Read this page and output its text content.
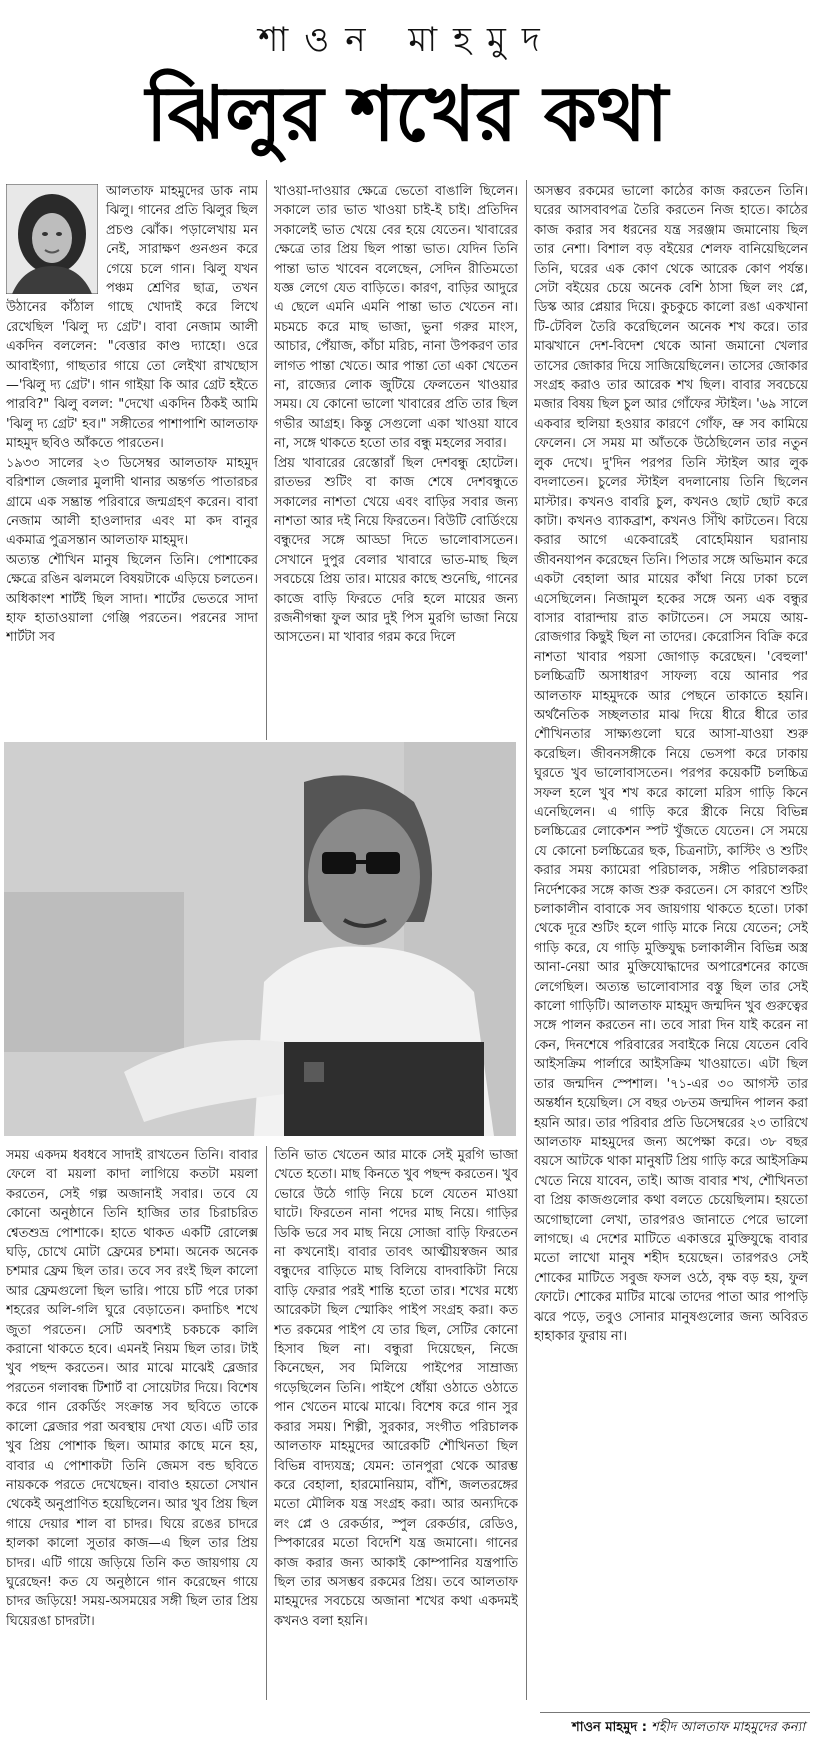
শাওন মাহমুদ
ঝিলুর শখের কথা

আলতাফ মাহমুদের ডাক নাম ঝিলু। গানের প্রতি ঝিলুর ছিল প্রচণ্ড ঝোঁক। পড়ালেখায় মন নেই, সারাক্ষণ গুনগুন করে গেয়ে চলে গান। ঝিলু যখন পঞ্চম শ্রেণির ছাত্র, তখন উঠানের কাঁঠাল গাছে খোদাই করে লিখে রেখেছিল 'ঝিলু দ্য গ্রেট'। বাবা নেজাম আলী একদিন বললেন: "বেত্তার কাণ্ড দ্যাহো। ওরে আবাইগ্যা, গাছতার গায়ে তো লেইখা রাখছোস—'ঝিলু দ্য গ্রেট'। গান গাইয়া কি আর গ্রেট হইতে পারবি?" ঝিলু বলল: "দেখো একদিন ঠিকই আমি 'ঝিলু দ্য গ্রেট' হব।" সঙ্গীতের পাশাপাশি আলতাফ মাহমুদ ছবিও আঁকতে পারতেন।

১৯৩৩ সালের ২৩ ডিসেম্বর আলতাফ মাহমুদ বরিশাল জেলার মুলাদী থানার অন্তর্গত পাতারচর গ্রামে এক সম্ভ্রান্ত পরিবারে জন্মগ্রহণ করেন। বাবা নেজাম আলী হাওলাদার এবং মা কদ বানুর একমাত্র পুত্রসন্তান আলতাফ মাহমুদ।

অত্যন্ত শৌখিন মানুষ ছিলেন তিনি। পোশাকের ক্ষেত্রে রঙিন ঝলমলে বিষয়টাকে এড়িয়ে চলতেন। অধিকাংশ শার্টই ছিল সাদা। শার্টের ভেতরে সাদা হাফ হাতাওয়ালা গেঞ্জি পরতেন। পরনের সাদা শার্টটা সব

খাওয়া-দাওয়ার ক্ষেত্রে ভেতো বাঙালি ছিলেন। সকালে তার ভাত খাওয়া চাই-ই চাই। প্রতিদিন সকালেই ভাত খেয়ে বের হয়ে যেতেন। খাবারের ক্ষেত্রে তার প্রিয় ছিল পান্তা ভাত। যেদিন তিনি পান্তা ভাত খাবেন বলেছেন, সেদিন রীতিমতো যজ্ঞ লেগে যেত বাড়িতে। কারণ, বাড়ির আদুরে এ ছেলে এমনি এমনি পান্তা ভাত খেতেন না। মচমচে করে মাছ ভাজা, ভুনা গরুর মাংস, আচার, পেঁয়াজ, কাঁচা মরিচ, নানা উপকরণ তার লাগত পান্তা খেতে। আর পান্তা তো একা খেতেন না, রাজ্যের লোক জুটিয়ে ফেলতেন খাওয়ার সময়। যে কোনো ভালো খাবারের প্রতি তার ছিল গভীর আগ্রহ। কিন্তু সেগুলো একা খাওয়া যাবে না, সঙ্গে থাকতে হতো তার বন্ধু মহলের সবার।

প্রিয় খাবারের রেস্তোরাঁ ছিল দেশবন্ধু হোটেল। রাতভর শুটিং বা কাজ শেষে দেশবন্ধুতে সকালের নাশতা খেয়ে এবং বাড়ির সবার জন্য নাশতা আর দই নিয়ে ফিরতেন। বিউটি বোর্ডিংয়ে বন্ধুদের সঙ্গে আড্ডা দিতে ভালোবাসতেন। সেখানে দুপুর বেলার খাবারে ভাত-মাছ ছিল সবচেয়ে প্রিয় তার। মায়ের কাছে শুনেছি, গানের কাজে বাড়ি ফিরতে দেরি হলে মায়ের জন্য রজনীগন্ধা ফুল আর দুই পিস মুরগি ভাজা নিয়ে আসতেন। মা খাবার গরম করে দিলে

অসম্ভব রকমের ভালো কাঠের কাজ করতেন তিনি। ঘরের আসবাবপত্র তৈরি করতেন নিজ হাতে। কাঠের কাজ করার সব ধরনের যন্ত্র সরঞ্জাম জমানোয় ছিল তার নেশা। বিশাল বড় বইয়ের শেলফ বানিয়েছিলেন তিনি, ঘরের এক কোণ থেকে আরেক কোণ পর্যন্ত। সেটা বইয়ের চেয়ে অনেক বেশি ঠাসা ছিল লং প্লে, ডিস্ক আর প্লেয়ার দিয়ে। কুচকুচে কালো রঙা একখানা টি-টেবিল তৈরি করেছিলেন অনেক শখ করে। তার মাঝখানে দেশ-বিদেশ থেকে আনা জমানো খেলার তাসের জোকার দিয়ে সাজিয়েছিলেন। তাসের জোকার সংগ্রহ করাও তার আরেক শখ ছিল। বাবার সবচেয়ে মজার বিষয় ছিল চুল আর গোঁফের স্টাইল। '৬৯ সালে একবার হুলিয়া হওয়ার কারণে গোঁফ, ভ্রু সব কামিয়ে ফেলেন। সে সময় মা আঁতকে উঠেছিলেন তার নতুন লুক দেখে। দু'দিন পরপর তিনি স্টাইল আর লুক বদলাতেন। চুলের স্টাইল বদলানোয় তিনি ছিলেন মাস্টার। কখনও বাবরি চুল, কখনও ছোট ছোট করে কাটা। কখনও ব্যাকব্রাশ, কখনও সিঁথি কাটতেন। বিয়ে করার আগে একেবারেই বোহেমিয়ান ঘরানায় জীবনযাপন করেছেন তিনি। পিতার সঙ্গে অভিমান করে একটা বেহালা আর মায়ের কাঁথা নিয়ে ঢাকা চলে এসেছিলেন। নিজামুল হকের সঙ্গে অন্য এক বন্ধুর বাসার বারান্দায় রাত কাটাতেন। সে সময়ে আয়-রোজগার কিছুই ছিল না তাদের। কেরোসিন বিক্রি করে নাশতা খাবার পয়সা জোগাড় করেছেন। 'বেহুলা' চলচ্চিত্রটি অসাধারণ সাফল্য বয়ে আনার পর আলতাফ মাহমুদকে আর পেছনে তাকাতে হয়নি। অর্থনৈতিক সচ্ছলতার মাঝ দিয়ে ধীরে ধীরে তার শৌখিনতার সাক্ষ্যগুলো ঘরে আসা-যাওয়া শুরু করেছিল। জীবনসঙ্গীকে নিয়ে ভেসপা করে ঢাকায় ঘুরতে খুব ভালোবাসতেন। পরপর কয়েকটি চলচ্চিত্র সফল হলে খুব শখ করে কালো মরিস গাড়ি কিনে এনেছিলেন। এ গাড়ি করে স্ত্রীকে নিয়ে বিভিন্ন চলচ্চিত্রের লোকেশন স্পট খুঁজতে যেতেন। সে সময়ে যে কোনো চলচ্চিত্রের ছক, চিত্রনাট্য, কাস্টিং ও শুটিং করার সময় ক্যামেরা পরিচালক, সঙ্গীত পরিচালকরা নির্দেশকের সঙ্গে কাজ শুরু করতেন। সে কারণে শুটিং চলাকালীন বাবাকে সব জায়গায় থাকতে হতো। ঢাকা থেকে দূরে শুটিং হলে গাড়ি মাকে নিয়ে যেতেন; সেই গাড়ি করে, যে গাড়ি মুক্তিযুদ্ধ চলাকালীন বিভিন্ন অস্ত্র আনা-নেয়া আর মুক্তিযোদ্ধাদের অপারেশনের কাজে লেগেছিল। অত্যন্ত ভালোবাসার বস্তু ছিল তার সেই কালো গাড়িটি। আলতাফ মাহমুদ জন্মদিন খুব গুরুত্বের সঙ্গে পালন করতেন না। তবে সারা দিন যাই করেন না কেন, দিনশেষে পরিবারের সবাইকে নিয়ে যেতেন বেবি আইসক্রিম পার্লারে আইসক্রিম খাওয়াতে। এটা ছিল তার জন্মদিন স্পেশাল। '৭১-এর ৩০ আগস্ট তার অন্তর্ধান হয়েছিল। সে বছর ৩৮তম জন্মদিন পালন করা হয়নি আর। তার পরিবার প্রতি ডিসেম্বরের ২৩ তারিখে আলতাফ মাহমুদের জন্য অপেক্ষা করে। ৩৮ বছর বয়সে আটকে থাকা মানুষটি প্রিয় গাড়ি করে আইসক্রিম খেতে নিয়ে যাবেন, তাই। আজ বাবার শখ, শৌখিনতা বা প্রিয় কাজগুলোর কথা বলতে চেয়েছিলাম। হয়তো অগোছালো লেখা, তারপরও জানাতে পেরে ভালো লাগছে। এ দেশের মাটিতে একাত্তরে মুক্তিযুদ্ধে বাবার মতো লাখো মানুষ শহীদ হয়েছেন। তারপরও সেই শোকের মাটিতে সবুজ ফসল ওঠে, বৃক্ষ বড় হয়, ফুল ফোটে। শোকের মাটির মাঝে তাদের পাতা আর পাপড়ি ঝরে পড়ে, তবুও সোনার মানুষগুলোর জন্য অবিরত হাহাকার ফুরায় না।

সময় একদম ধবধবে সাদাই রাখতেন তিনি। বাবার ফেলে বা ময়লা কাদা লাগিয়ে কতটা ময়লা করতেন, সেই গল্প অজানাই সবার। তবে যে কোনো অনুষ্ঠানে তিনি হাজির তার চিরাচরিত শ্বেতশুভ্র পোশাকে। হাতে থাকত একটি রোলেক্স ঘড়ি, চোখে মোটা ফ্রেমের চশমা। অনেক অনেক চশমার ফ্রেম ছিল তার। তবে সব রংই ছিল কালো আর ফ্রেমগুলো ছিল ভারি। পায়ে চটি পরে ঢাকা শহরের অলি-গলি ঘুরে বেড়াতেন। কদাচিৎ শখে জুতা পরতেন। সেটি অবশ্যই চকচকে কালি করানো থাকতে হবে। এমনই নিয়ম ছিল তার। টাই খুব পছন্দ করতেন। আর মাঝে মাঝেই ব্লেজার পরতেন গলাবন্ধ টিশার্ট বা সোয়েটার দিয়ে। বিশেষ করে গান রেকর্ডিং সংক্রান্ত সব ছবিতে তাকে কালো ব্লেজার পরা অবস্থায় দেখা যেত। এটি তার খুব প্রিয় পোশাক ছিল। আমার কাছে মনে হয়, বাবার এ পোশাকটা তিনি জেমস বন্ড ছবিতে নায়ককে পরতে দেখেছেন। বাবাও হয়তো সেখান থেকেই অনুপ্রাণিত হয়েছিলেন। আর খুব প্রিয় ছিল গায়ে দেয়ার শাল বা চাদর। ঘিয়ে রঙের চাদরে হালকা কালো সুতার কাজ—এ ছিল তার প্রিয় চাদর। এটি গায়ে জড়িয়ে তিনি কত জায়গায় যে ঘুরেছেন! কত যে অনুষ্ঠানে গান করেছেন গায়ে চাদর জড়িয়ে! সময়-অসময়ের সঙ্গী ছিল তার প্রিয় ঘিয়েরঙা চাদরটা।

তিনি ভাত খেতেন আর মাকে সেই মুরগি ভাজা খেতে হতো। মাছ কিনতে খুব পছন্দ করতেন। খুব ভোরে উঠে গাড়ি নিয়ে চলে যেতেন মাওয়া ঘাটে। ফিরতেন নানা পদের মাছ নিয়ে। গাড়ির ডিকি ভরে সব মাছ নিয়ে সোজা বাড়ি ফিরতেন না কখনোই। বাবার তাবৎ আত্মীয়স্বজন আর বন্ধুদের বাড়িতে মাছ বিলিয়ে বাদবাকিটা নিয়ে বাড়ি ফেরার পরই শান্তি হতো তার। শখের মধ্যে আরেকটা ছিল স্মোকিং পাইপ সংগ্রহ করা। কত শত রকমের পাইপ যে তার ছিল, সেটির কোনো হিসাব ছিল না। বন্ধুরা দিয়েছেন, নিজে কিনেছেন, সব মিলিয়ে পাইপের সাম্রাজ্য গড়েছিলেন তিনি। পাইপে ধোঁয়া ওঠাতে ওঠাতে পান খেতেন মাঝে মাঝে। বিশেষ করে গান সুর করার সময়। শিল্পী, সুরকার, সংগীত পরিচালক আলতাফ মাহমুদের আরেকটি শৌখিনতা ছিল বিভিন্ন বাদ্যযন্ত্র; যেমন: তানপুরা থেকে আরম্ভ করে বেহালা, হারমোনিয়াম, বাঁশি, জলতরঙ্গের মতো মৌলিক যন্ত্র সংগ্রহ করা। আর অন্যদিকে লং প্লে ও রেকর্ডার, স্পুল রেকর্ডার, রেডিও, স্পিকারের মতো বিদেশি যন্ত্র জমানো। গানের কাজ করার জন্য আকাই কোম্পানির যন্ত্রপাতি ছিল তার অসম্ভব রকমের প্রিয়। তবে আলতাফ মাহমুদের সবচেয়ে অজানা শখের কথা একদমই কখনও বলা হয়নি।

শাওন মাহমুদ : শহীদ আলতাফ মাহমুদের কন্যা
